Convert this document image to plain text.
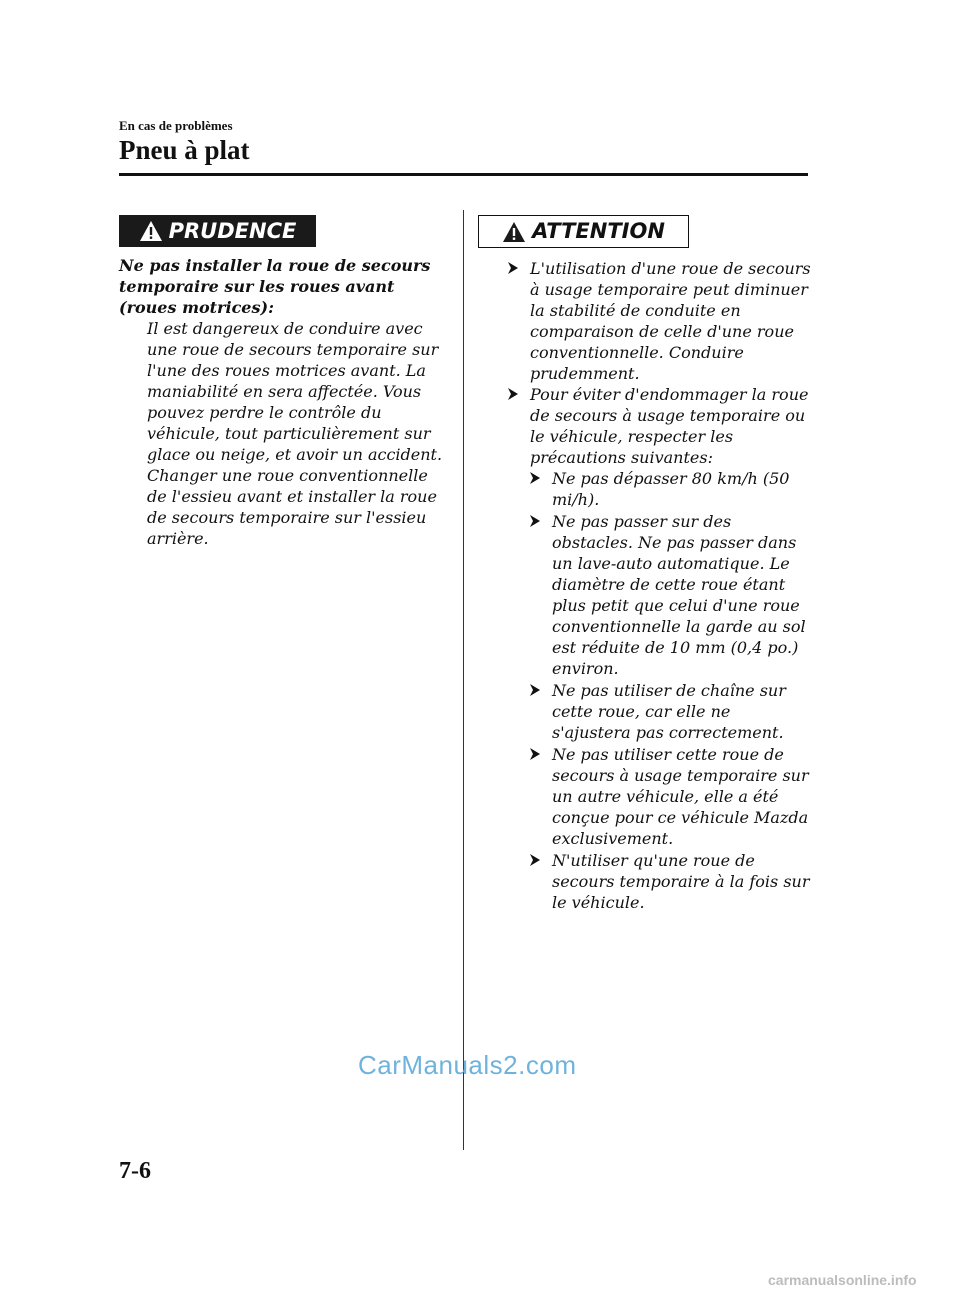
En cas de problèmes
Pneu à plat
PRUDENCE

Ne pas installer la roue de secours temporaire sur les roues avant (roues motrices):

Il est dangereux de conduire avec une roue de secours temporaire sur l'une des roues motrices avant. La maniabilité en sera affectée. Vous pouvez perdre le contrôle du véhicule, tout particulièrement sur glace ou neige, et avoir un accident. Changer une roue conventionnelle de l'essieu avant et installer la roue de secours temporaire sur l'essieu arrière.

ATTENTION
L'utilisation d'une roue de secours à usage temporaire peut diminuer la stabilité de conduite en comparaison de celle d'une roue conventionnelle. Conduire prudemment.
Pour éviter d'endommager la roue de secours à usage temporaire ou le véhicule, respecter les précautions suivantes:
Ne pas dépasser 80 km/h (50 mi/h).
Ne pas passer sur des obstacles. Ne pas passer dans un lave-auto automatique. Le diamètre de cette roue étant plus petit que celui d'une roue conventionnelle la garde au sol est réduite de 10 mm (0,4 po.) environ.
Ne pas utiliser de chaîne sur cette roue, car elle ne s'ajustera pas correctement.
Ne pas utiliser cette roue de secours à usage temporaire sur un autre véhicule, elle a été conçue pour ce véhicule Mazda exclusivement.
N'utiliser qu'une roue de secours temporaire à la fois sur le véhicule.
CarManuals2.com
7-6
carmanualsonline.info
